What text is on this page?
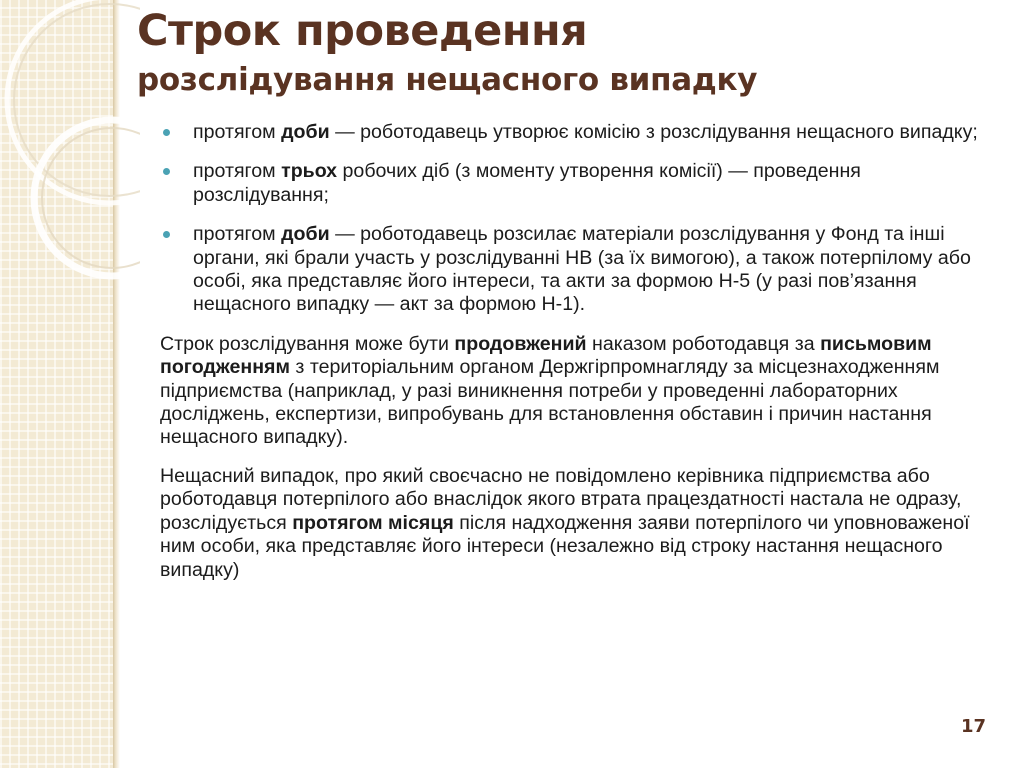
Строк проведення
розслідування нещасного випадку
протягом доби — роботодавець утворює комісію з розслідування нещасного випадку;
протягом трьох робочих діб (з моменту утворення комісії) — проведення розслідування;
протягом доби — роботодавець розсилає матеріали розслідування у Фонд та інші органи, які брали участь у розслідуванні НВ (за їх вимогою), а також потерпілому або особі, яка представляє його інтереси, та акти за формою Н-5 (у разі пов’язання нещасного випадку — акт за формою Н-1).

Строк розслідування може бути продовжений наказом роботодавця за письмовим погодженням з територіальним органом Держгірпромнагляду за місцезнаходженням підприємства (наприклад, у разі виникнення потреби у проведенні лабораторних досліджень, експертизи, випробувань для встановлення обставин і причин настання нещасного випадку).

Нещасний випадок, про який своєчасно не повідомлено керівника підприємства або роботодавця потерпілого або внаслідок якого втрата працездатності настала не одразу, розслідується протягом місяця після надходження заяви потерпілого чи уповноваженої ним особи, яка представляє його інтереси (незалежно від строку настання нещасного випадку)

17
